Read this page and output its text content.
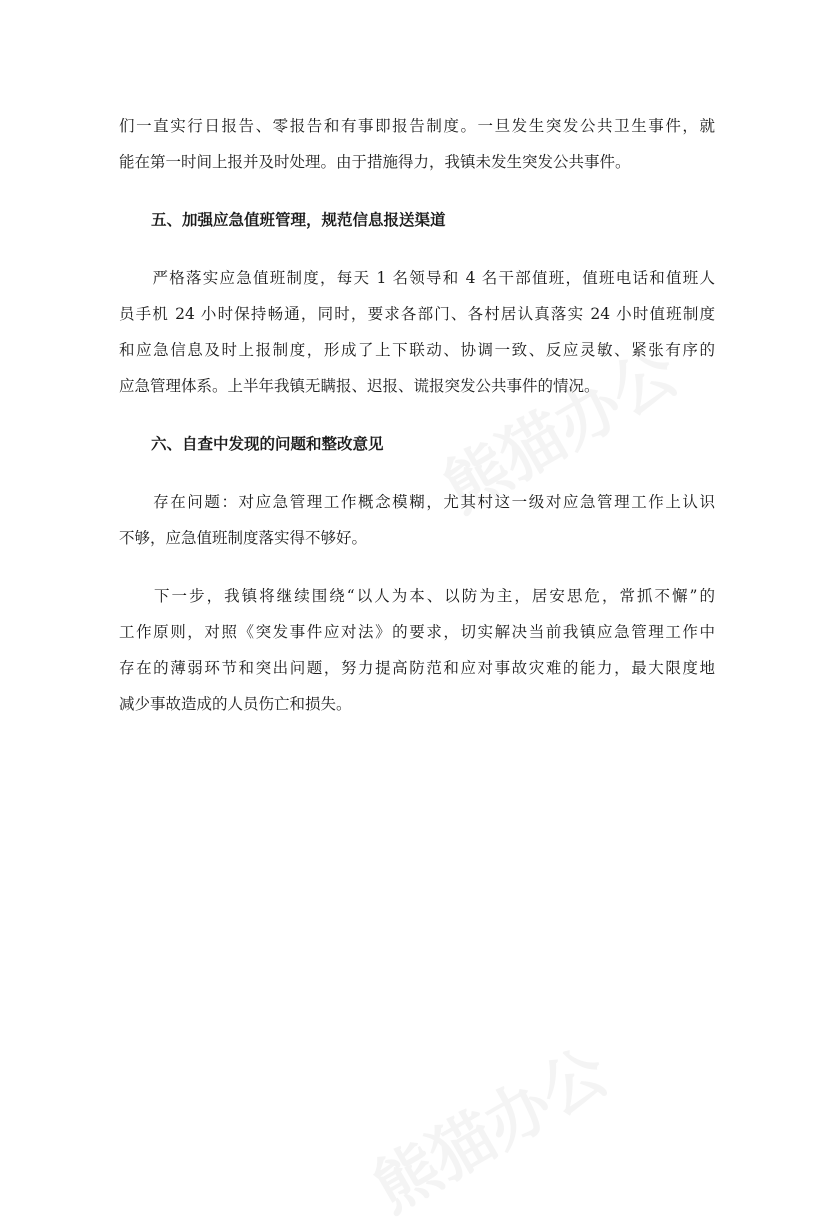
们一直实行日报告、零报告和有事即报告制度。一旦发生突发公共卫生事件，就
能在第一时间上报并及时处理。由于措施得力，我镇未发生突发公共事件。
五、加强应急值班管理，规范信息报送渠道
　　严格落实应急值班制度，每天 1 名领导和 4 名干部值班，值班电话和值班人
员手机 24 小时保持畅通，同时，要求各部门、各村居认真落实 24 小时值班制度
和应急信息及时上报制度，形成了上下联动、协调一致、反应灵敏、紧张有序的
应急管理体系。上半年我镇无瞒报、迟报、谎报突发公共事件的情况。
六、自查中发现的问题和整改意见
　　存在问题：对应急管理工作概念模糊，尤其村这一级对应急管理工作上认识
不够，应急值班制度落实得不够好。
　　下一步，我镇将继续围绕“以人为本、以防为主，居安思危，常抓不懈”的
工作原则，对照《突发事件应对法》的要求，切实解决当前我镇应急管理工作中
存在的薄弱环节和突出问题，努力提高防范和应对事故灾难的能力，最大限度地
减少事故造成的人员伤亡和损失。
